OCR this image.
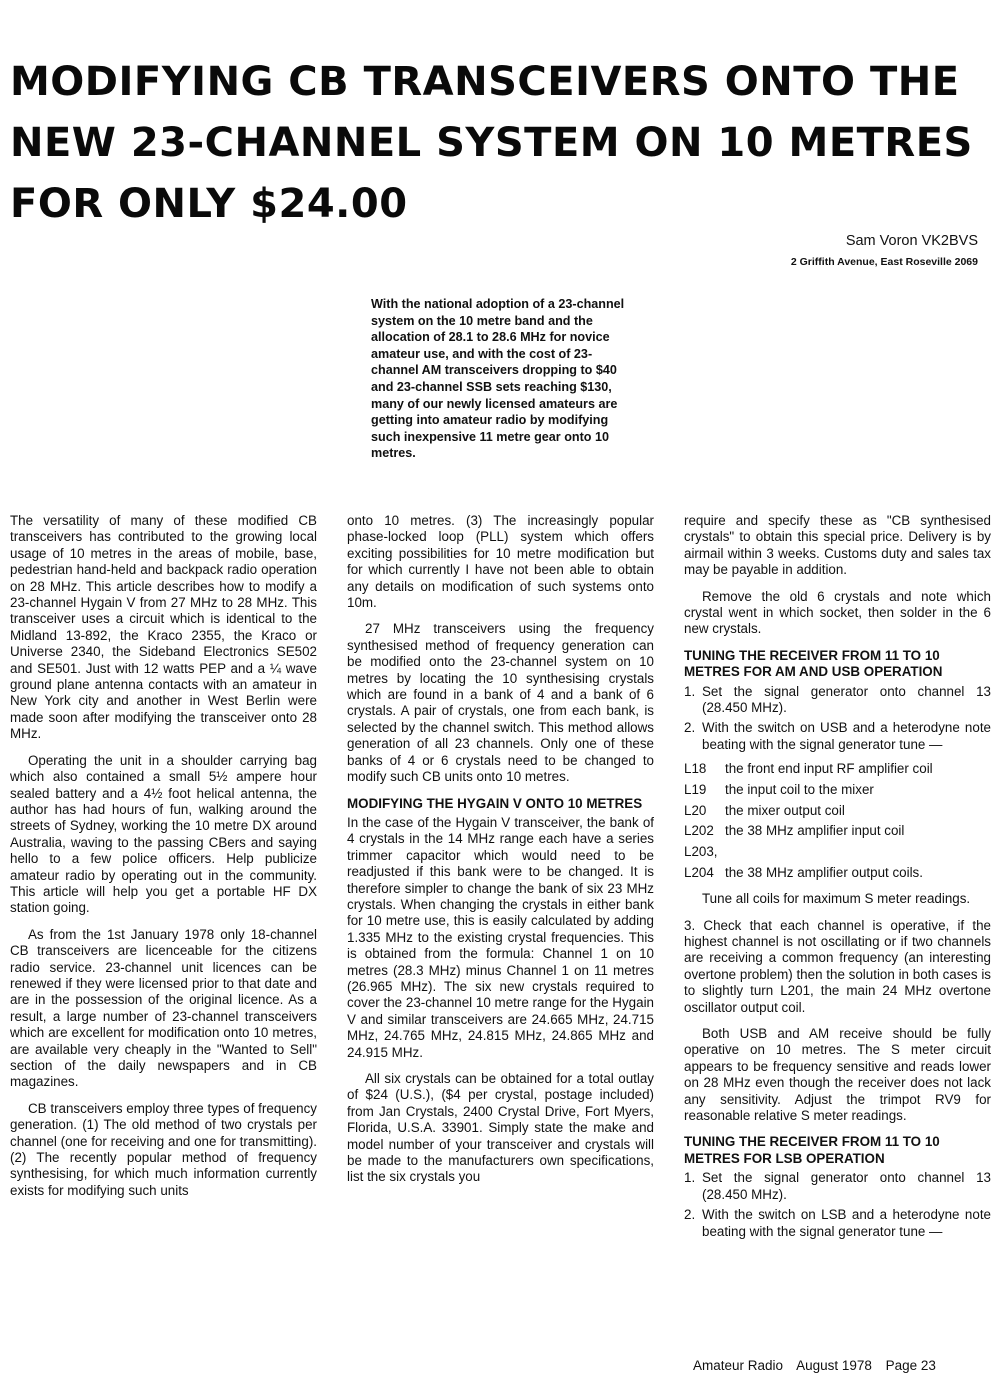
MODIFYING CB TRANSCEIVERS ONTO THE
NEW 23-CHANNEL SYSTEM ON 10 METRES
FOR ONLY $24.00
Sam Voron VK2BVS
2 Griffith Avenue, East Roseville 2069
With the national adoption of a 23-channel system on the 10 metre band and the allocation of 28.1 to 28.6 MHz for novice amateur use, and with the cost of 23-channel AM transceivers dropping to $40 and 23-channel SSB sets reaching $130, many of our newly licensed amateurs are getting into amateur radio by modifying such inexpensive 11 metre gear onto 10 metres.

The versatility of many of these modified CB transceivers has contributed to the growing local usage of 10 metres in the areas of mobile, base, pedestrian hand-held and backpack radio operation on 28 MHz. This article describes how to modify a 23-channel Hygain V from 27 MHz to 28 MHz. This transceiver uses a circuit which is identical to the Midland 13-892, the Kraco 2355, the Kraco or Universe 2340, the Sideband Electronics SE502 and SE501. Just with 12 watts PEP and a ¼ wave ground plane antenna contacts with an amateur in New York city and another in West Berlin were made soon after modifying the transceiver onto 28 MHz.

Operating the unit in a shoulder carrying bag which also contained a small 5½ ampere hour sealed battery and a 4½ foot helical antenna, the author has had hours of fun, walking around the streets of Sydney, working the 10 metre DX around Australia, waving to the passing CBers and saying hello to a few police officers. Help publicize amateur radio by operating out in the community. This article will help you get a portable HF DX station going.

As from the 1st January 1978 only 18-channel CB transceivers are licenceable for the citizens radio service. 23-channel unit licences can be renewed if they were licensed prior to that date and are in the possession of the original licence. As a result, a large number of 23-channel transceivers which are excellent for modification onto 10 metres, are available very cheaply in the "Wanted to Sell" section of the daily newspapers and in CB magazines.

CB transceivers employ three types of frequency generation. (1) The old method of two crystals per channel (one for receiving and one for transmitting). (2) The recently popular method of frequency synthesising, for which much information currently exists for modifying such units

onto 10 metres. (3) The increasingly popular phase-locked loop (PLL) system which offers exciting possibilities for 10 metre modification but for which currently I have not been able to obtain any details on modification of such systems onto 10m.

27 MHz transceivers using the frequency synthesised method of frequency generation can be modified onto the 23-channel system on 10 metres by locating the 10 synthesising crystals which are found in a bank of 4 and a bank of 6 crystals. A pair of crystals, one from each bank, is selected by the channel switch. This method allows generation of all 23 channels. Only one of these banks of 4 or 6 crystals need to be changed to modify such CB units onto 10 metres.

MODIFYING THE HYGAIN V ONTO 10 METRES

In the case of the Hygain V transceiver, the bank of 4 crystals in the 14 MHz range each have a series trimmer capacitor which would need to be readjusted if this bank were to be changed. It is therefore simpler to change the bank of six 23 MHz crystals. When changing the crystals in either bank for 10 metre use, this is easily calculated by adding 1.335 MHz to the existing crystal frequencies. This is obtained from the formula: Channel 1 on 10 metres (28.3 MHz) minus Channel 1 on 11 metres (26.965 MHz). The six new crystals required to cover the 23-channel 10 metre range for the Hygain V and similar transceivers are 24.665 MHz, 24.715 MHz, 24.765 MHz, 24.815 MHz, 24.865 MHz and 24.915 MHz.

All six crystals can be obtained for a total outlay of $24 (U.S.), ($4 per crystal, postage included) from Jan Crystals, 2400 Crystal Drive, Fort Myers, Florida, U.S.A. 33901. Simply state the make and model number of your transceiver and crystals will be made to the manufacturers own specifications, list the six crystals you

require and specify these as "CB synthesised crystals" to obtain this special price. Delivery is by airmail within 3 weeks. Customs duty and sales tax may be payable in addition.

Remove the old 6 crystals and note which crystal went in which socket, then solder in the 6 new crystals.

TUNING THE RECEIVER FROM 11 TO 10 METRES FOR AM AND USB OPERATION
1. Set the signal generator onto channel 13 (28.450 MHz).
2. With the switch on USB and a heterodyne note beating with the signal generator tune —
L18	the front end input RF amplifier coil
L19	the input coil to the mixer
L20	the mixer output coil
L202 the 38 MHz amplifier input coil
L203,
L204 the 38 MHz amplifier output coils.

Tune all coils for maximum S meter readings.

3. Check that each channel is operative, if the highest channel is not oscillating or if two channels are receiving a common frequency (an interesting overtone problem) then the solution in both cases is to slightly turn L201, the main 24 MHz overtone oscillator output coil.

Both USB and AM receive should be fully operative on 10 metres. The S meter circuit appears to be frequency sensitive and reads lower on 28 MHz even though the receiver does not lack any sensitivity. Adjust the trimpot RV9 for reasonable relative S meter readings.

TUNING THE RECEIVER FROM 11 TO 10 METRES FOR LSB OPERATION
1. Set the signal generator onto channel 13 (28.450 MHz).
2. With the switch on LSB and a heterodyne note beating with the signal generator tune —
Amateur Radio August 1978 Page 23
